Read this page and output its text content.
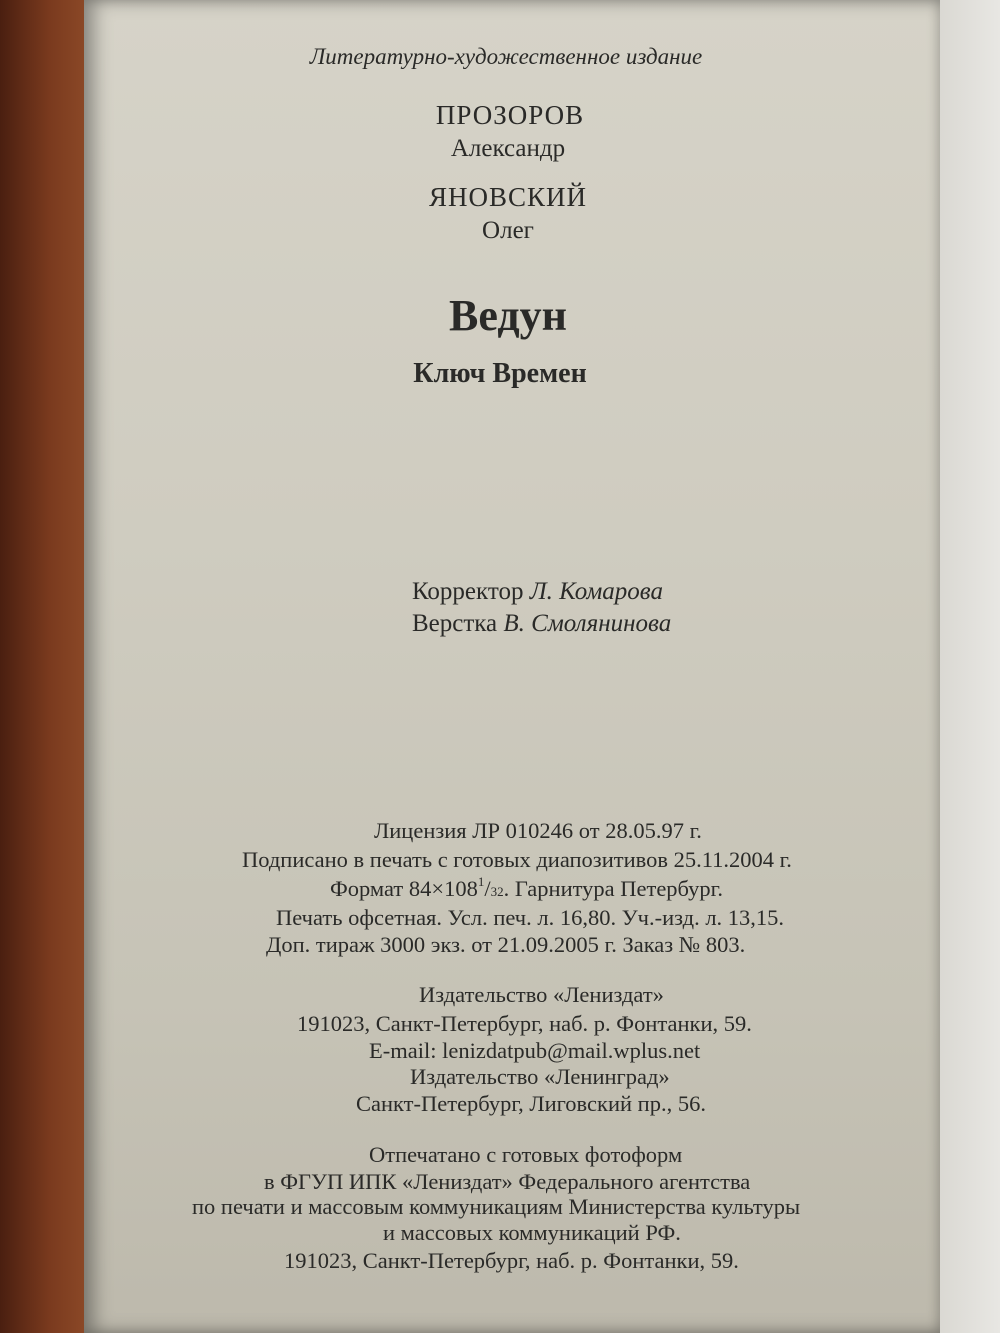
Литературно-художественное издание
ПРОЗОРОВ
Александр
ЯНОВСКИЙ
Олег
Ведун
Ключ Времен
Корректор Л. Комарова
Верстка В. Смолянинова
Лицензия ЛР 010246 от 28.05.97 г.
Подписано в печать с готовых диапозитивов 25.11.2004 г.
Формат $84\times 108^1/32$. Гарнитура Петербург.
Печать офсетная. Усл. печ. л. 16,80. Уч.-изд. л. 13,15.
Доп. тираж 3000 экз. от 21.09.2005 г. Заказ № 803.
Издательство «Лениздат»
191023, Санкт-Петербург, наб. р. Фонтанки, 59.
E-mail: lenizdatpub@mail.wplus.net
Издательство «Ленинград»
Санкт-Петербург, Лиговский пр., 56.
Отпечатано с готовых фотоформ
в ФГУП ИПК «Лениздат» Федерального агентства
по печати и массовым коммуникациям Министерства культуры
и массовых коммуникаций РФ.
191023, Санкт-Петербург, наб. р. Фонтанки, 59.
